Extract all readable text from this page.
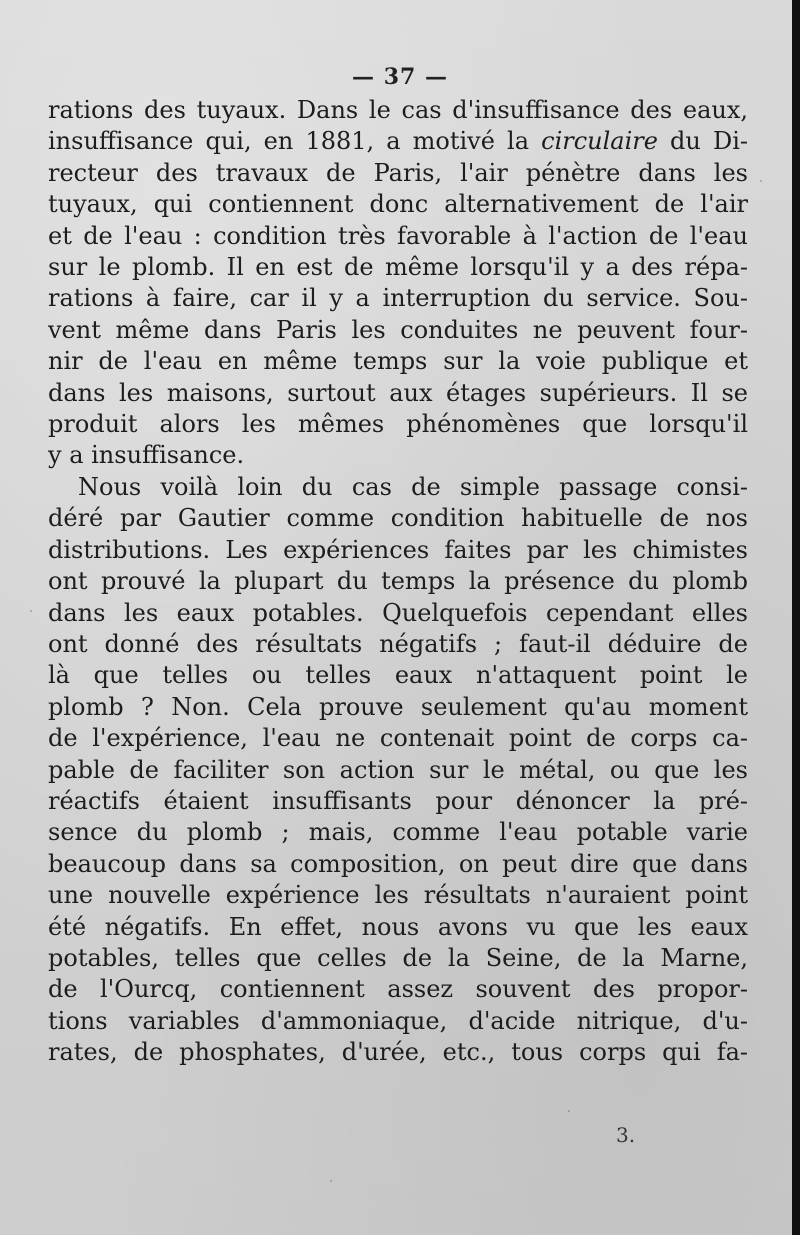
— 37 —
rations des tuyaux. Dans le cas d'insuffisance des eaux,
insuffisance qui, en 1881, a motivé la circulaire du Di-
recteur des travaux de Paris, l'air pénètre dans les
tuyaux, qui contiennent donc alternativement de l'air
et de l'eau : condition très favorable à l'action de l'eau
sur le plomb. Il en est de même lorsqu'il y a des répa-
rations à faire, car il y a interruption du service. Sou-
vent même dans Paris les conduites ne peuvent four-
nir de l'eau en même temps sur la voie publique et
dans les maisons, surtout aux étages supérieurs. Il se
produit alors les mêmes phénomènes que lorsqu'il
y a insuffisance.
Nous voilà loin du cas de simple passage consi-
déré par Gautier comme condition habituelle de nos
distributions. Les expériences faites par les chimistes
ont prouvé la plupart du temps la présence du plomb
dans les eaux potables. Quelquefois cependant elles
ont donné des résultats négatifs ; faut-il déduire de
là que telles ou telles eaux n'attaquent point le
plomb ? Non. Cela prouve seulement qu'au moment
de l'expérience, l'eau ne contenait point de corps ca-
pable de faciliter son action sur le métal, ou que les
réactifs étaient insuffisants pour dénoncer la pré-
sence du plomb ; mais, comme l'eau potable varie
beaucoup dans sa composition, on peut dire que dans
une nouvelle expérience les résultats n'auraient point
été négatifs. En effet, nous avons vu que les eaux
potables, telles que celles de la Seine, de la Marne,
de l'Ourcq, contiennent assez souvent des propor-
tions variables d'ammoniaque, d'acide nitrique, d'u-
rates, de phosphates, d'urée, etc., tous corps qui fa-
3.
